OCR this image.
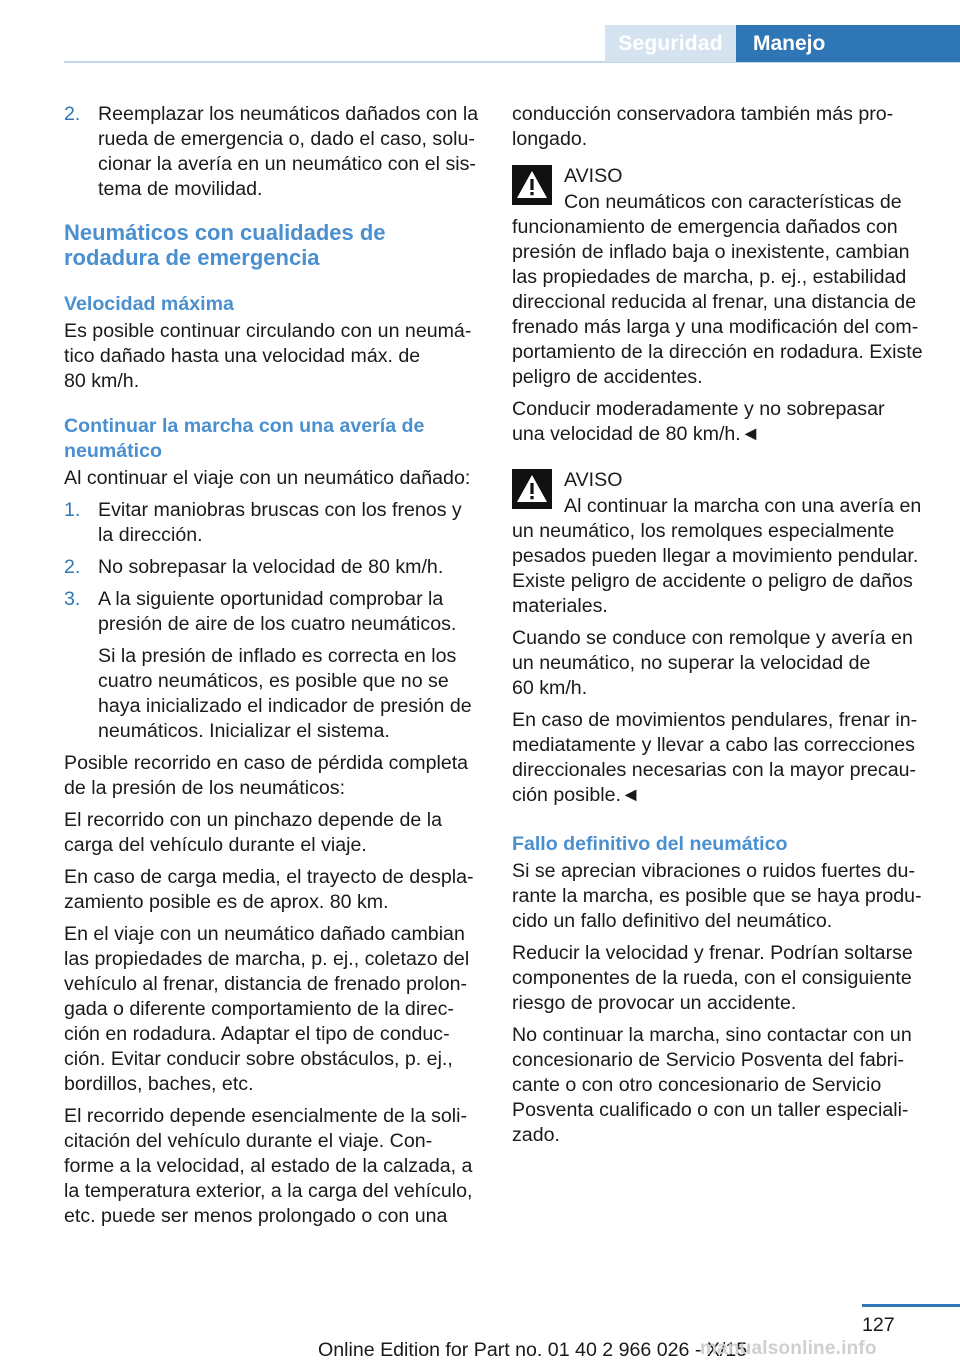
Seguridad	Manejo
2. Reemplazar los neumáticos dañados con la
rueda de emergencia o, dado el caso, solu‐
cionar la avería en un neumático con el sis‐
tema de movilidad.
Neumáticos con cualidades de
rodadura de emergencia
Velocidad máxima
Es posible continuar circulando con un neumá‐
tico dañado hasta una velocidad máx. de
80 km/h.
Continuar la marcha con una avería de
neumático
Al continuar el viaje con un neumático dañado:
1. Evitar maniobras bruscas con los frenos y
la dirección.
2. No sobrepasar la velocidad de 80 km/h.
3. A la siguiente oportunidad comprobar la
presión de aire de los cuatro neumáticos.
Si la presión de inflado es correcta en los
cuatro neumáticos, es posible que no se
haya inicializado el indicador de presión de
neumáticos. Inicializar el sistema.
Posible recorrido en caso de pérdida completa
de la presión de los neumáticos:
El recorrido con un pinchazo depende de la
carga del vehículo durante el viaje.
En caso de carga media, el trayecto de despla‐
zamiento posible es de aprox. 80 km.
En el viaje con un neumático dañado cambian
las propiedades de marcha, p. ej., coletazo del
vehículo al frenar, distancia de frenado prolon‐
gada o diferente comportamiento de la direc‐
ción en rodadura. Adaptar el tipo de conduc‐
ción. Evitar conducir sobre obstáculos, p. ej.,
bordillos, baches, etc.
El recorrido depende esencialmente de la soli‐
citación del vehículo durante el viaje. Con‐
forme a la velocidad, al estado de la calzada, a
la temperatura exterior, a la carga del vehículo,
etc. puede ser menos prolongado o con una
conducción conservadora también más pro‐
longado.
AVISO
Con neumáticos con características de
funcionamiento de emergencia dañados con
presión de inflado baja o inexistente, cambian
las propiedades de marcha, p. ej., estabilidad
direccional reducida al frenar, una distancia de
frenado más larga y una modificación del com‐
portamiento de la dirección en rodadura. Existe
peligro de accidentes.
Conducir moderadamente y no sobrepasar
una velocidad de 80 km/h.◄
AVISO
Al continuar la marcha con una avería en
un neumático, los remolques especialmente
pesados pueden llegar a movimiento pendular.
Existe peligro de accidente o peligro de daños
materiales.
Cuando se conduce con remolque y avería en
un neumático, no superar la velocidad de
60 km/h.
En caso de movimientos pendulares, frenar in‐
mediatamente y llevar a cabo las correcciones
direccionales necesarias con la mayor precau‐
ción posible.◄
Fallo definitivo del neumático
Si se aprecian vibraciones o ruidos fuertes du‐
rante la marcha, es posible que se haya produ‐
cido un fallo definitivo del neumático.
Reducir la velocidad y frenar. Podrían soltarse
componentes de la rueda, con el consiguiente
riesgo de provocar un accidente.
No continuar la marcha, sino contactar con un
concesionario de Servicio Posventa del fabri‐
cante o con otro concesionario de Servicio
Posventa cualificado o con un taller especiali‐
zado.
127
Online Edition for Part no. 01 40 2 966 026 - X/15
manualsonline.info
